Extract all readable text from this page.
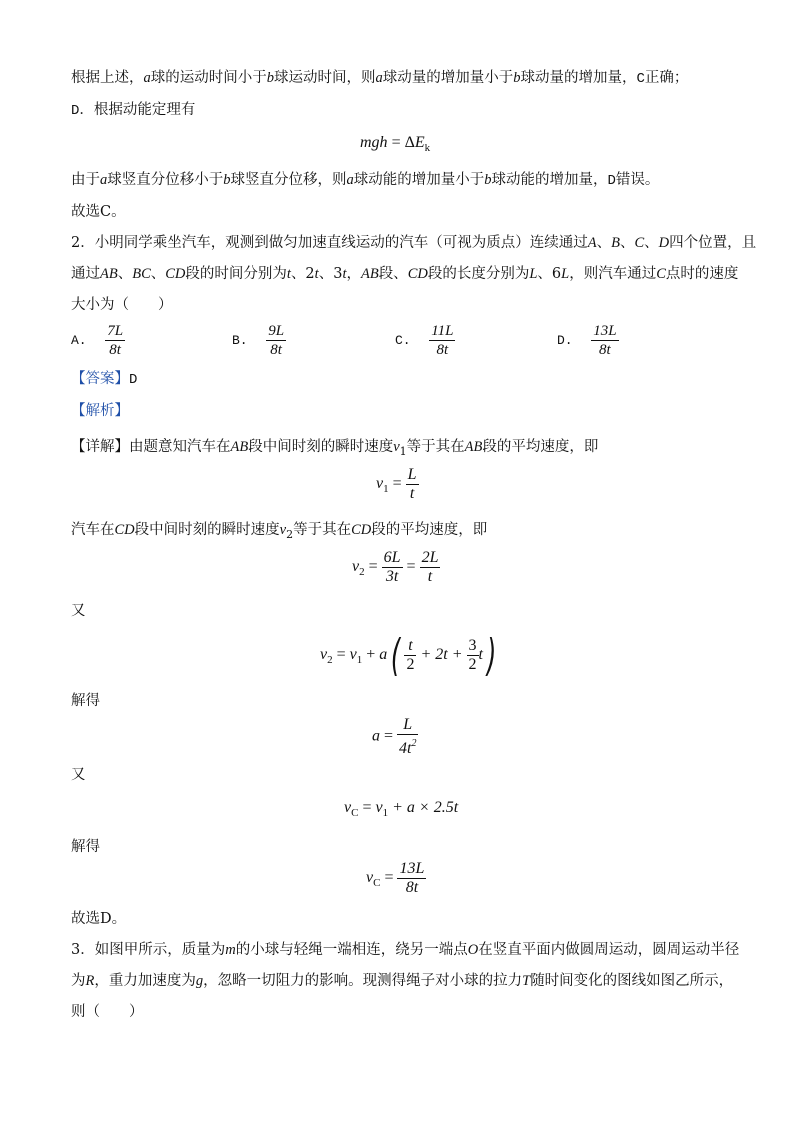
根据上述，a球的运动时间小于b球运动时间，则a球动量的增加量小于b球动量的增加量，C正确；
D．根据动能定理有
mgh = $\Delta E_k$
由于a球竖直分位移小于b球竖直分位移，则a球动能的增加量小于b球动能的增加量，D错误。
故选C。
2．小明同学乘坐汽车，观测到做匀加速直线运动的汽车（可视为质点）连续通过A、B、C、D四个位置，且
通过AB、BC、CD段的时间分别为t、2t、3t，AB段、CD段的长度分别为L、6L，则汽车通过C点时的速度
大小为（　　）
A. $\frac{7L}{8t}$	B. $\frac{9L}{8t}$	C. $\frac{11L}{8t}$	D. $\frac{13L}{8t}$
【答案】D
【解析】
【详解】由题意知汽车在AB段中间时刻的瞬时速度$v_1$等于其在AB段的平均速度，即
$v_1 = \frac{L}{t}$
汽车在CD段中间时刻的瞬时速度$v_2$等于其在CD段的平均速度，即
$v_2 = \frac{6L}{3t} = \frac{2L}{t}$
又
$v_2 = v_1 + a( \frac{t}{2} + 2t + \frac{3}{2} t)$
解得
$a = \frac{L}{4t^2}$
又
$v_C = v_1 + a \times 2.5t$
解得
$v_C = \frac{13L}{8t}$
故选D。
3．如图甲所示，质量为m的小球与轻绳一端相连，绕另一端点O在竖直平面内做圆周运动，圆周运动半径
为R，重力加速度为g，忽略一切阻力的影响。现测得绳子对小球的拉力T随时间变化的图线如图乙所示，
则（　　）
